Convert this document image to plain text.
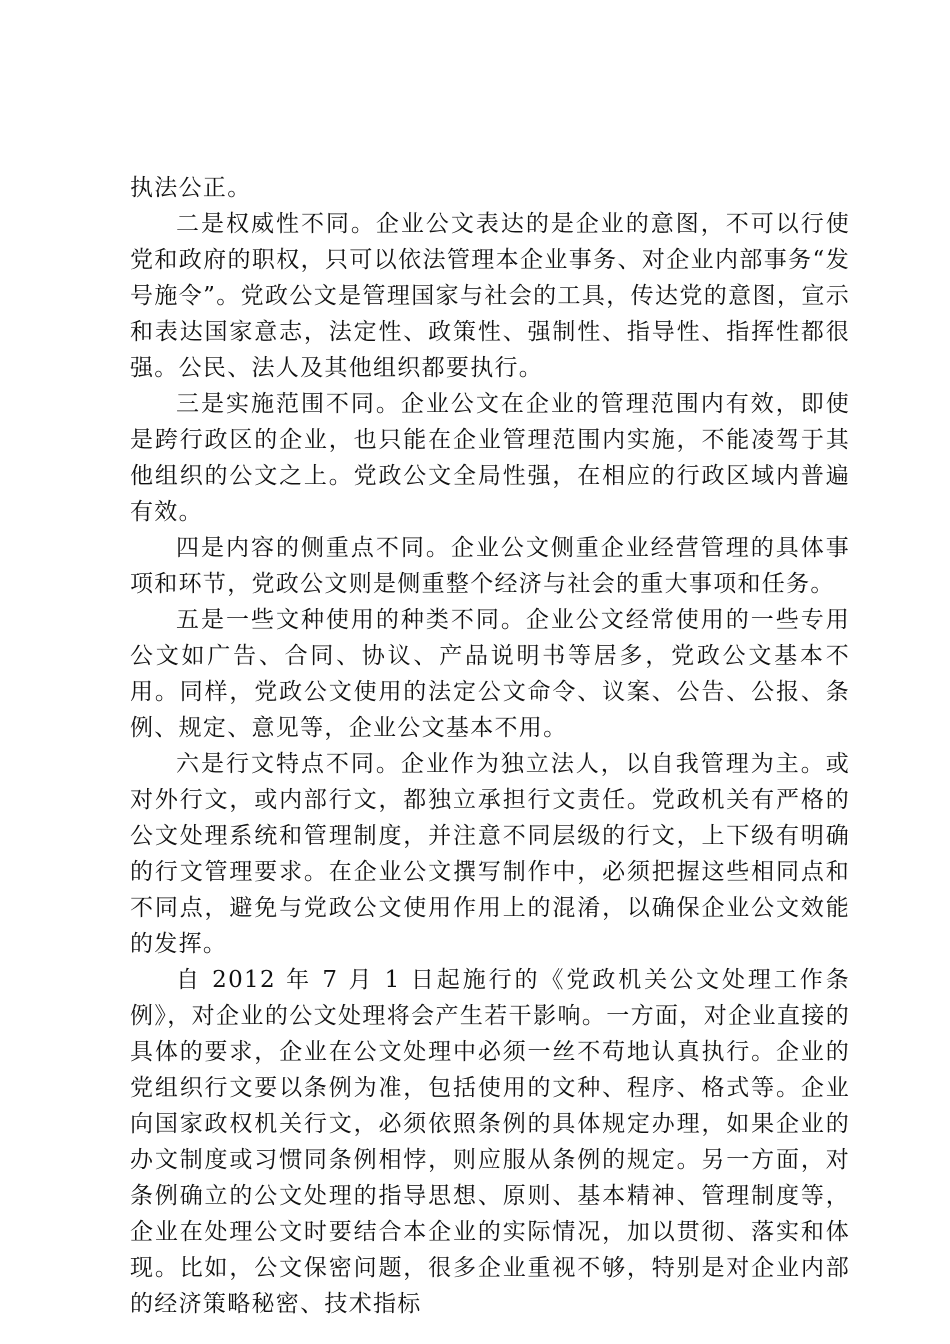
执法公正。

二是权威性不同。企业公文表达的是企业的意图，不可以行使党和政府的职权，只可以依法管理本企业事务、对企业内部事务“发号施令”。党政公文是管理国家与社会的工具，传达党的意图，宣示和表达国家意志，法定性、政策性、强制性、指导性、指挥性都很强。公民、法人及其他组织都要执行。

三是实施范围不同。企业公文在企业的管理范围内有效，即使是跨行政区的企业，也只能在企业管理范围内实施，不能凌驾于其他组织的公文之上。党政公文全局性强，在相应的行政区域内普遍有效。

四是内容的侧重点不同。企业公文侧重企业经营管理的具体事项和环节，党政公文则是侧重整个经济与社会的重大事项和任务。

五是一些文种使用的种类不同。企业公文经常使用的一些专用公文如广告、合同、协议、产品说明书等居多，党政公文基本不用。同样，党政公文使用的法定公文命令、议案、公告、公报、条例、规定、意见等，企业公文基本不用。

六是行文特点不同。企业作为独立法人，以自我管理为主。或对外行文，或内部行文，都独立承担行文责任。党政机关有严格的公文处理系统和管理制度，并注意不同层级的行文，上下级有明确的行文管理要求。在企业公文撰写制作中，必须把握这些相同点和不同点，避免与党政公文使用作用上的混淆，以确保企业公文效能的发挥。

自 2012 年 7 月 1 日起施行的《党政机关公文处理工作条例》，对企业的公文处理将会产生若干影响。一方面，对企业直接的具体的要求，企业在公文处理中必须一丝不苟地认真执行。企业的党组织行文要以条例为准，包括使用的文种、程序、格式等。企业向国家政权机关行文，必须依照条例的具体规定办理，如果企业的办文制度或习惯同条例相悖，则应服从条例的规定。另一方面，对条例确立的公文处理的指导思想、原则、基本精神、管理制度等，企业在处理公文时要结合本企业的实际情况，加以贯彻、落实和体现。比如，公文保密问题，很多企业重视不够，特别是对企业内部的经济策略秘密、技术指标
